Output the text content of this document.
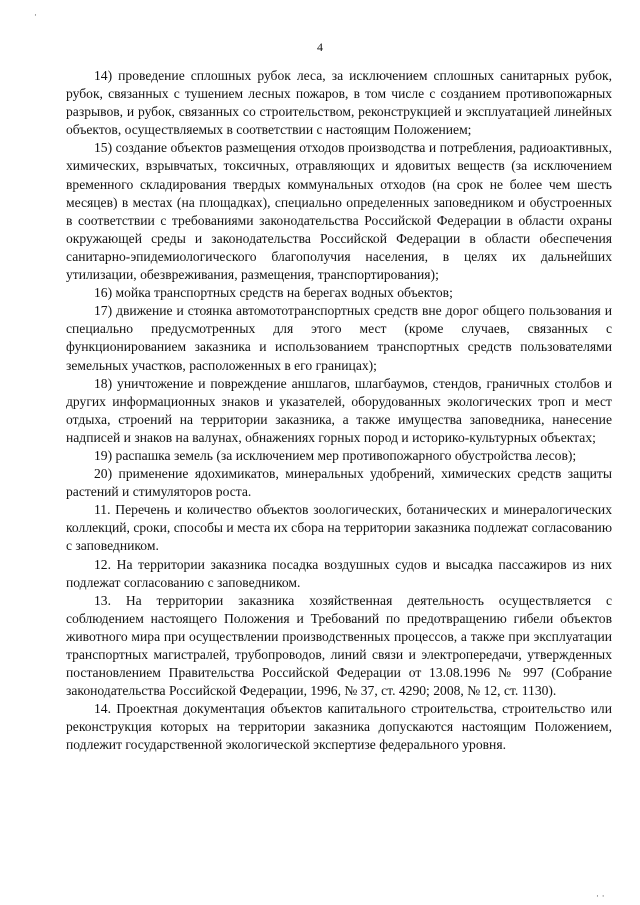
·
· ·
4

14) проведение сплошных рубок леса, за исключением сплошных санитарных рубок, рубок, связанных с тушением лесных пожаров, в том числе с созданием противопожарных разрывов, и рубок, связанных со строительством, реконструкцией и эксплуатацией линейных объектов, осуществляемых в соответствии с настоящим Положением;

15) создание объектов размещения отходов производства и потребления, радиоактивных, химических, взрывчатых, токсичных, отравляющих и ядовитых веществ (за исключением временного складирования твердых коммунальных отходов (на срок не более чем шесть месяцев) в местах (на площадках), специально определенных заповедником и обустроенных в соответствии с требованиями законодательства Российской Федерации в области охраны окружающей среды и законодательства Российской Федерации в области обеспечения санитарно-эпидемиологического благополучия населения, в целях их дальнейших утилизации, обезвреживания, размещения, транспортирования);

16) мойка транспортных средств на берегах водных объектов;

17) движение и стоянка автомототранспортных средств вне дорог общего пользования и специально предусмотренных для этого мест (кроме случаев, связанных с функционированием заказника и использованием транспортных средств пользователями земельных участков, расположенных в его границах);

18) уничтожение и повреждение аншлагов, шлагбаумов, стендов, граничных столбов и других информационных знаков и указателей, оборудованных экологических троп и мест отдыха, строений на территории заказника, а также имущества заповедника, нанесение надписей и знаков на валунах, обнажениях горных пород и историко-культурных объектах;

19) распашка земель (за исключением мер противопожарного обустройства лесов);

20) применение ядохимикатов, минеральных удобрений, химических средств защиты растений и стимуляторов роста.

11. Перечень и количество объектов зоологических, ботанических и минералогических коллекций, сроки, способы и места их сбора на территории заказника подлежат согласованию с заповедником.

12. На территории заказника посадка воздушных судов и высадка пассажиров из них подлежат согласованию с заповедником.

13. На территории заказника хозяйственная деятельность осуществляется с соблюдением настоящего Положения и Требований по предотвращению гибели объектов животного мира при осуществлении производственных процессов, а также при эксплуатации транспортных магистралей, трубопроводов, линий связи и электропередачи, утвержденных постановлением Правительства Российской Федерации от 13.08.1996 № 997 (Собрание законодательства Российской Федерации, 1996, № 37, ст. 4290; 2008, № 12, ст. 1130).

14. Проектная документация объектов капитального строительства, строительство или реконструкция которых на территории заказника допускаются настоящим Положением, подлежит государственной экологической экспертизе федерального уровня.
